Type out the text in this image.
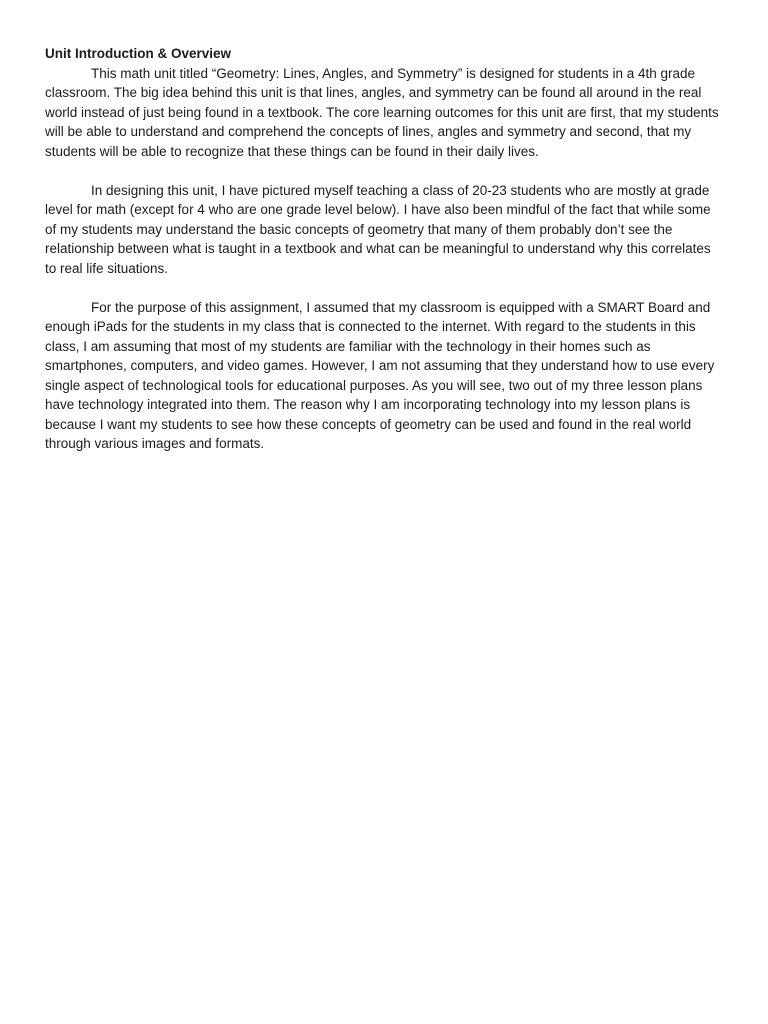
Unit Introduction & Overview

This math unit titled “Geometry: Lines, Angles, and Symmetry” is designed for students in a 4th grade classroom. The big idea behind this unit is that lines, angles, and symmetry can be found all around in the real world instead of just being found in a textbook. The core learning outcomes for this unit are first, that my students will be able to understand and comprehend the concepts of lines, angles and symmetry and second, that my students will be able to recognize that these things can be found in their daily lives.

In designing this unit, I have pictured myself teaching a class of 20-23 students who are mostly at grade level for math (except for 4 who are one grade level below). I have also been mindful of the fact that while some of my students may understand the basic concepts of geometry that many of them probably don’t see the relationship between what is taught in a textbook and what can be meaningful to understand why this correlates to real life situations.

For the purpose of this assignment, I assumed that my classroom is equipped with a SMART Board and enough iPads for the students in my class that is connected to the internet. With regard to the students in this class, I am assuming that most of my students are familiar with the technology in their homes such as smartphones, computers, and video games. However, I am not assuming that they understand how to use every single aspect of technological tools for educational purposes. As you will see, two out of my three lesson plans have technology integrated into them. The reason why I am incorporating technology into my lesson plans is because I want my students to see how these concepts of geometry can be used and found in the real world through various images and formats.
